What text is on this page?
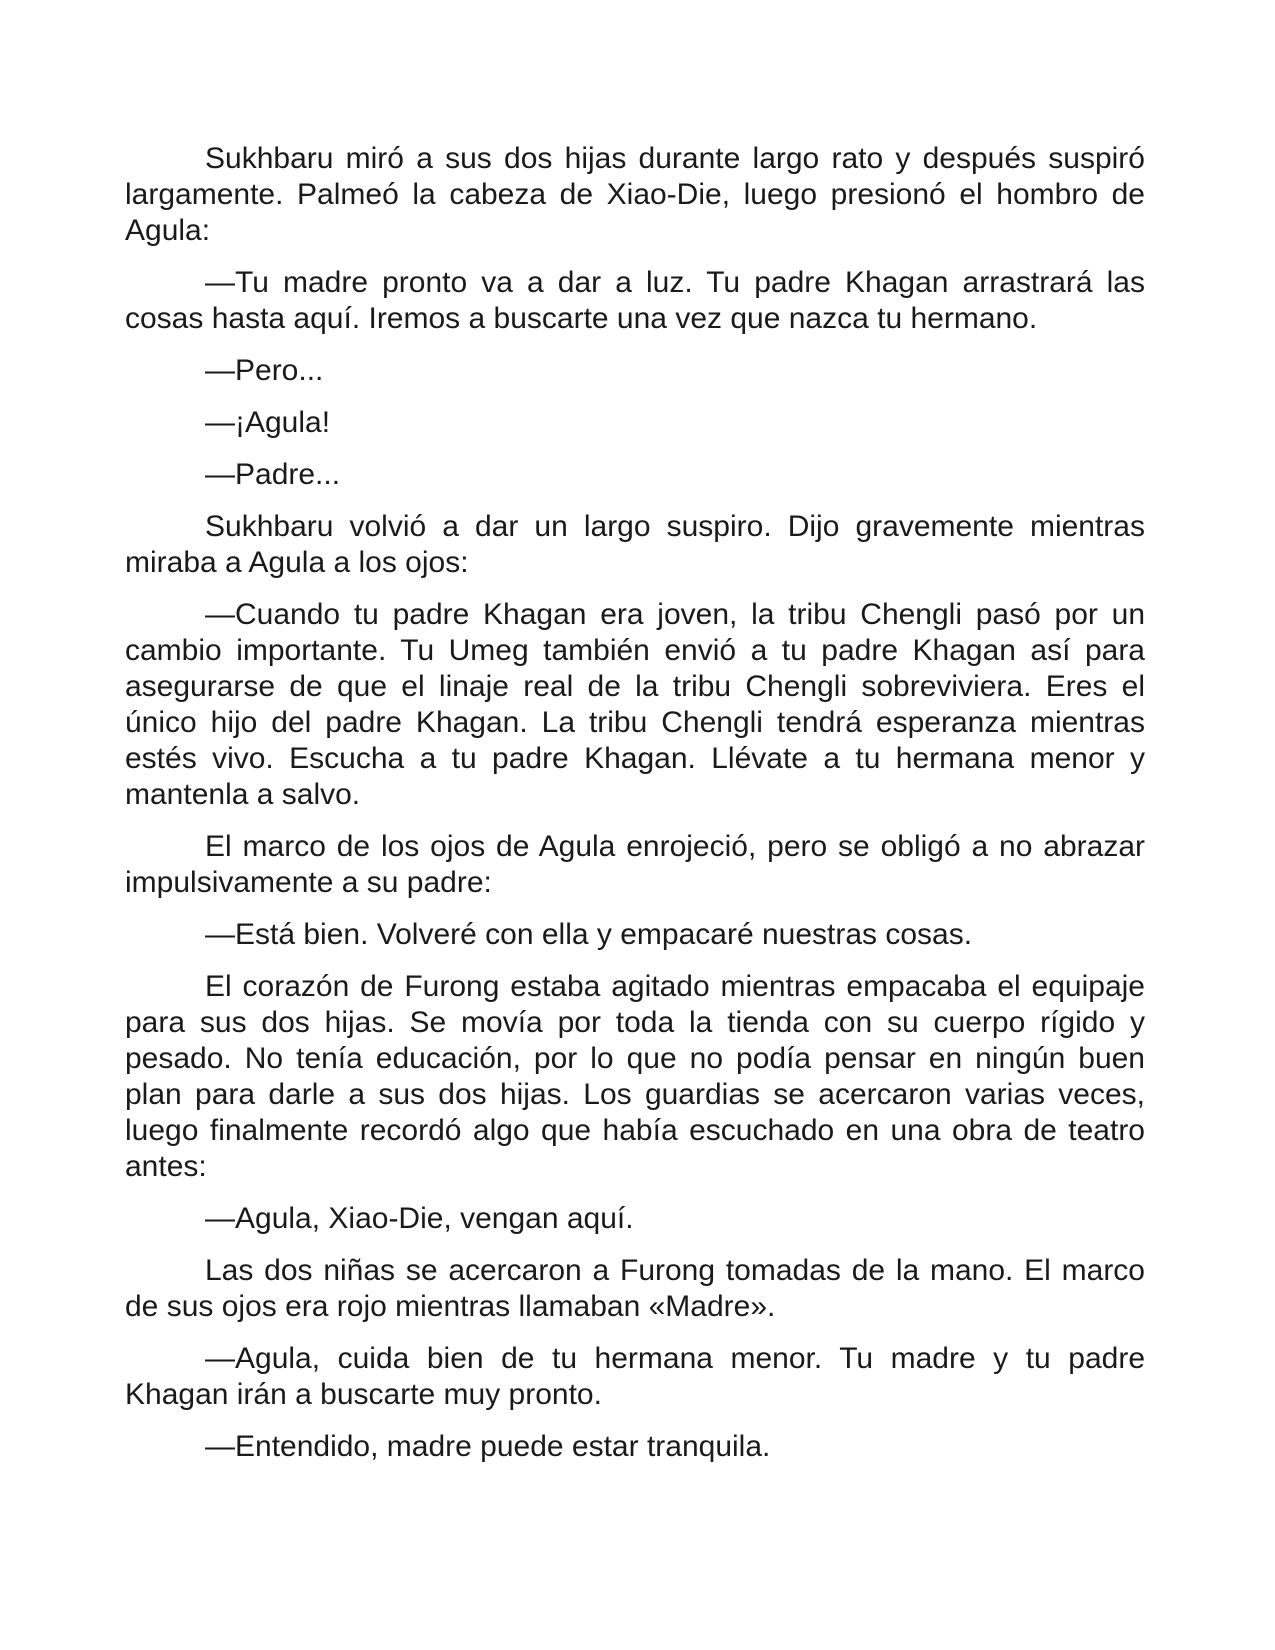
Sukhbaru miró a sus dos hijas durante largo rato y después suspiró largamente. Palmeó la cabeza de Xiao-Die, luego presionó el hombro de Agula:

—Tu madre pronto va a dar a luz. Tu padre Khagan arrastrará las cosas hasta aquí. Iremos a buscarte una vez que nazca tu hermano.

—Pero...

—¡Agula!

—Padre...

Sukhbaru volvió a dar un largo suspiro. Dijo gravemente mientras miraba a Agula a los ojos:

—Cuando tu padre Khagan era joven, la tribu Chengli pasó por un cambio importante. Tu Umeg también envió a tu padre Khagan así para asegurarse de que el linaje real de la tribu Chengli sobreviviera. Eres el único hijo del padre Khagan. La tribu Chengli tendrá esperanza mientras estés vivo. Escucha a tu padre Khagan. Llévate a tu hermana menor y mantenla a salvo.

El marco de los ojos de Agula enrojeció, pero se obligó a no abrazar impulsivamente a su padre:

—Está bien. Volveré con ella y empacaré nuestras cosas.

El corazón de Furong estaba agitado mientras empacaba el equipaje para sus dos hijas. Se movía por toda la tienda con su cuerpo rígido y pesado. No tenía educación, por lo que no podía pensar en ningún buen plan para darle a sus dos hijas. Los guardias se acercaron varias veces, luego finalmente recordó algo que había escuchado en una obra de teatro antes:

—Agula, Xiao-Die, vengan aquí.

Las dos niñas se acercaron a Furong tomadas de la mano. El marco de sus ojos era rojo mientras llamaban «Madre».

—Agula, cuida bien de tu hermana menor. Tu madre y tu padre Khagan irán a buscarte muy pronto.

—Entendido, madre puede estar tranquila.
